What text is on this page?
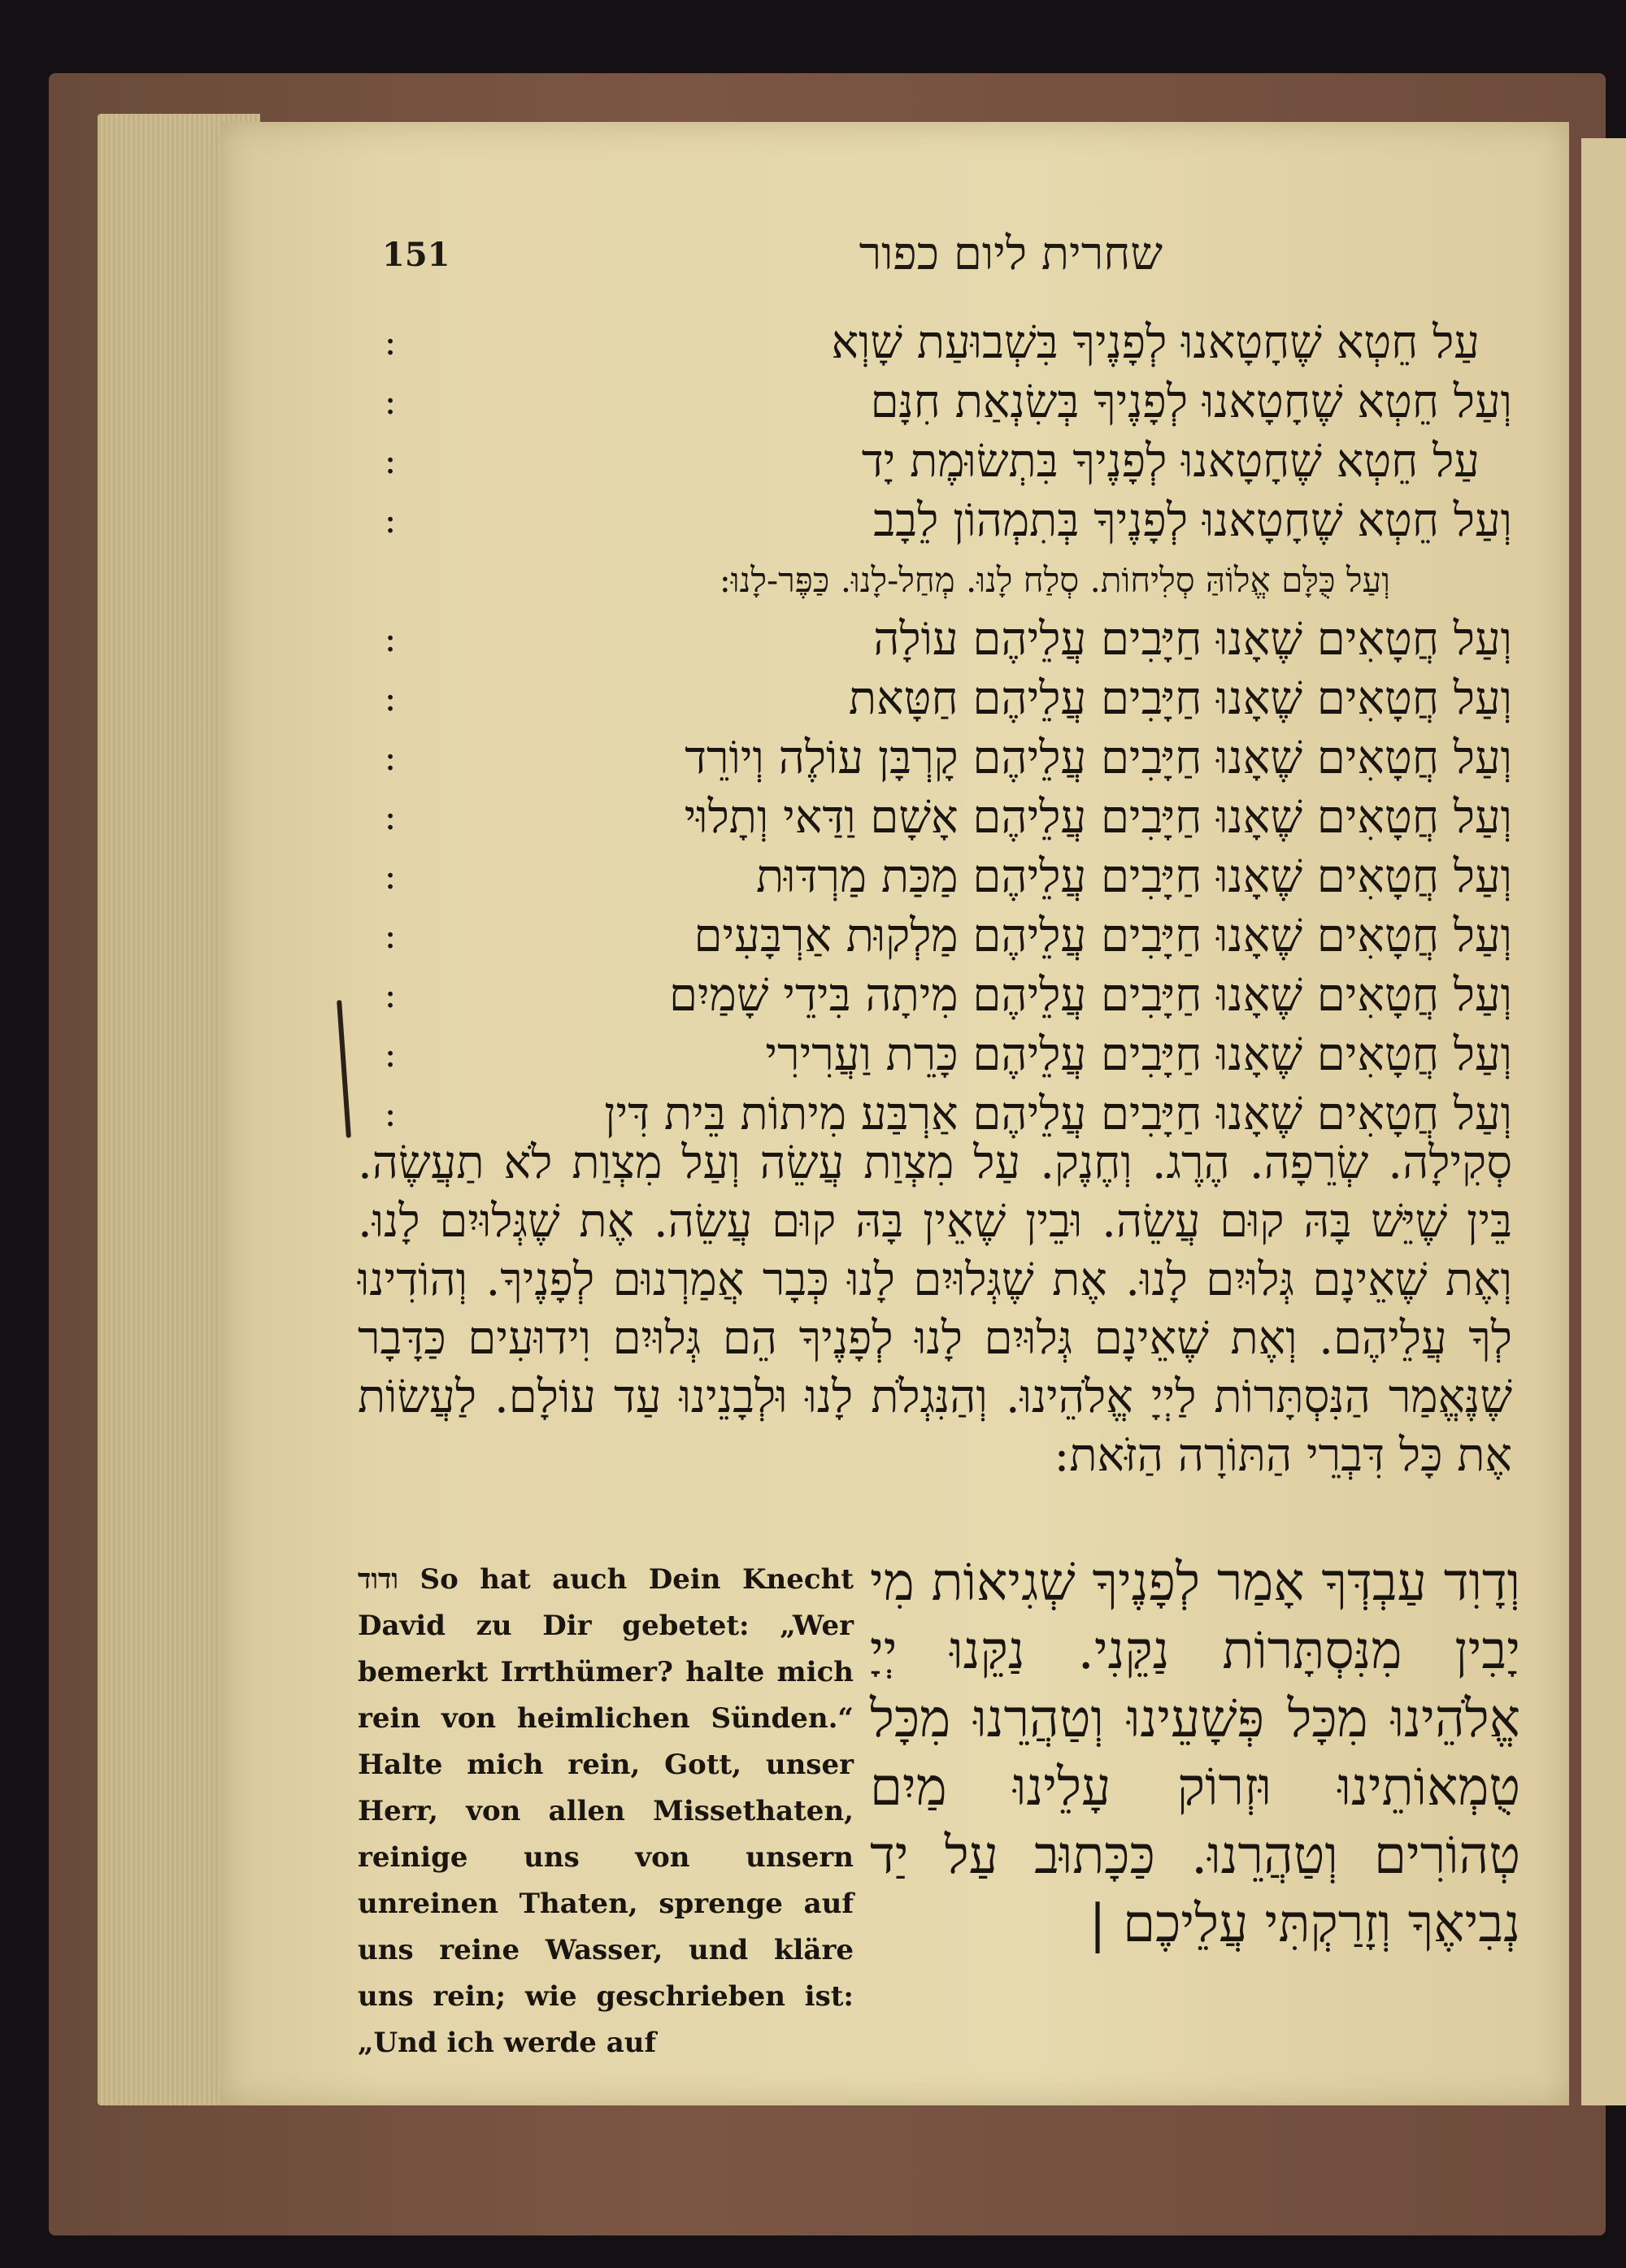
151	שחרית ליום כפור
:
:
:
:
:
:
:
:
:
:
:
:
:
עַל חֵטְא שֶׁחָטָאנוּ לְפָנֶיךָ בִּשְׁבוּעַת שָׁוְא
וְעַל חֵטְא שֶׁחָטָאנוּ לְפָנֶיךָ בְּשִׂנְאַת חִנָּם
עַל חֵטְא שֶׁחָטָאנוּ לְפָנֶיךָ בִּתְשׂוּמֶת יָד
וְעַל חֵטְא שֶׁחָטָאנוּ לְפָנֶיךָ בְּתִמְהוֹן לֵבָב
וְעַל כֻּלָּם אֱלוֹהַּ סְלִיחוֹת. סְלַח לָנוּ. מְחַל-לָנוּ. כַּפֶּר-לָנוּ:
וְעַל חֲטָאִים שֶׁאָנוּ חַיָּבִים עֲלֵיהֶם עוֹלָה
וְעַל חֲטָאִים שֶׁאָנוּ חַיָּבִים עֲלֵיהֶם חַטָּאת
וְעַל חֲטָאִים שֶׁאָנוּ חַיָּבִים עֲלֵיהֶם קָרְבָּן עוֹלֶה וְיוֹרֵד
וְעַל חֲטָאִים שֶׁאָנוּ חַיָּבִים עֲלֵיהֶם אָשָׁם וַדַּאי וְתָלוּי
וְעַל חֲטָאִים שֶׁאָנוּ חַיָּבִים עֲלֵיהֶם מַכַּת מַרְדּוּת
וְעַל חֲטָאִים שֶׁאָנוּ חַיָּבִים עֲלֵיהֶם מַלְקוּת אַרְבָּעִים
וְעַל חֲטָאִים שֶׁאָנוּ חַיָּבִים עֲלֵיהֶם מִיתָה בִּידֵי שָׁמַיִם
וְעַל חֲטָאִים שֶׁאָנוּ חַיָּבִים עֲלֵיהֶם כָּרֵת וַעֲרִירִי
וְעַל חֲטָאִים שֶׁאָנוּ חַיָּבִים עֲלֵיהֶם אַרְבַּע מִיתוֹת בֵּית דִּין
סְקִילָה. שְׂרֵפָה. הֶרֶג. וְחֶנֶק. עַל מִצְוַת עֲשֵׂה וְעַל מִצְוַת לֹא תַעֲשֶׂה. בֵּין שֶׁיֵּשׁ בָּהּ קוּם עֲשֵׂה. וּבֵין שֶׁאֵין בָּהּ קוּם עֲשֵׂה. אֶת שֶׁגְּלוּיִם לָנוּ. וְאֶת שֶׁאֵינָם גְּלוּיִם לָנוּ. אֶת שֶׁגְּלוּיִם לָנוּ כְּבָר אֲמַרְנוּם לְפָנֶיךָ. וְהוֹדִינוּ לְךָ עֲלֵיהֶם. וְאֶת שֶׁאֵינָם גְּלוּיִם לָנוּ לְפָנֶיךָ הֵם גְּלוּיִם וִידוּעִים כַּדָּבָר שֶׁנֶּאֱמַר הַנִּסְתָּרוֹת לַיְיָ אֱלֹהֵינוּ. וְהַנִּגְלֹת לָנוּ וּלְבָנֵינוּ עַד עוֹלָם. לַעֲשׂוֹת אֶת כָּל דִּבְרֵי הַתּוֹרָה הַזֹּאת:
ודוד So hat auch Dein Knecht David zu Dir gebetet: „Wer bemerkt Irrthümer? halte mich rein von heimlichen Sünden.“ Halte mich rein, Gott, unser Herr, von allen Missethaten, reinige uns von unsern unreinen Thaten, sprenge auf uns reine Wasser, und kläre uns rein; wie geschrieben ist: „Und ich werde auf
וְדָוִד עַבְדְּךָ אָמַר לְפָנֶיךָ שְׁגִיאוֹת מִי יָבִין מִנִּסְתָּרוֹת נַקֵּנִי. נַקֵּנוּ יְיָ אֱלֹהֵינוּ מִכָּל פְּשָׁעֵינוּ וְטַהֲרֵנוּ מִכָּל טֻמְאוֹתֵינוּ וּזְרוֹק עָלֵינוּ מַיִם טְהוֹרִים וְטַהֲרֵנוּ. כַּכָּתוּב עַל יַד נְבִיאֶךָ וְזָרַקְתִּי עֲלֵיכֶם |
